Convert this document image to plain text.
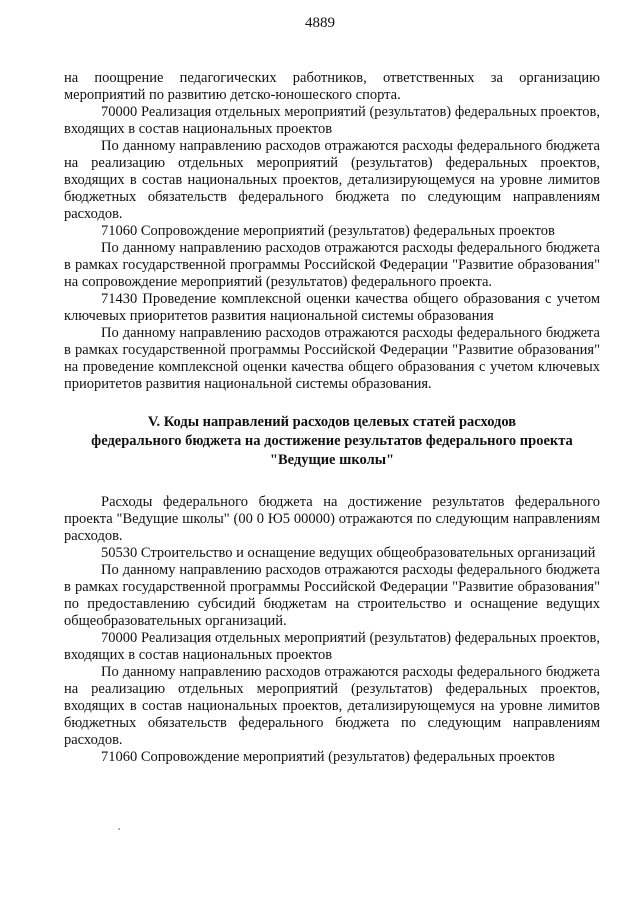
4889

на поощрение педагогических работников, ответственных за организацию мероприятий по развитию детско-юношеского спорта.

70000 Реализация отдельных мероприятий (результатов) федеральных проектов, входящих в состав национальных проектов

По данному направлению расходов отражаются расходы федерального бюджета на реализацию отдельных мероприятий (результатов) федеральных проектов, входящих в состав национальных проектов, детализирующемуся на уровне лимитов бюджетных обязательств федерального бюджета по следующим направлениям расходов.

71060 Сопровождение мероприятий (результатов) федеральных проектов

По данному направлению расходов отражаются расходы федерального бюджета в рамках государственной программы Российской Федерации "Развитие образования" на сопровождение мероприятий (результатов) федерального проекта.

71430 Проведение комплексной оценки качества общего образования с учетом ключевых приоритетов развития национальной системы образования

По данному направлению расходов отражаются расходы федерального бюджета в рамках государственной программы Российской Федерации "Развитие образования" на проведение комплексной оценки качества общего образования с учетом ключевых приоритетов развития национальной системы образования.

V. Коды направлений расходов целевых статей расходов
федерального бюджета на достижение результатов федерального проекта
"Ведущие школы"

Расходы федерального бюджета на достижение результатов федерального проекта "Ведущие школы" (00 0 Ю5 00000) отражаются по следующим направлениям расходов.

50530 Строительство и оснащение ведущих общеобразовательных организаций

По данному направлению расходов отражаются расходы федерального бюджета в рамках государственной программы Российской Федерации "Развитие образования" по предоставлению субсидий бюджетам на строительство и оснащение ведущих общеобразовательных организаций.

70000 Реализация отдельных мероприятий (результатов) федеральных проектов, входящих в состав национальных проектов

По данному направлению расходов отражаются расходы федерального бюджета на реализацию отдельных мероприятий (результатов) федеральных проектов, входящих в состав национальных проектов, детализирующемуся на уровне лимитов бюджетных обязательств федерального бюджета по следующим направлениям расходов.

71060 Сопровождение мероприятий (результатов) федеральных проектов
